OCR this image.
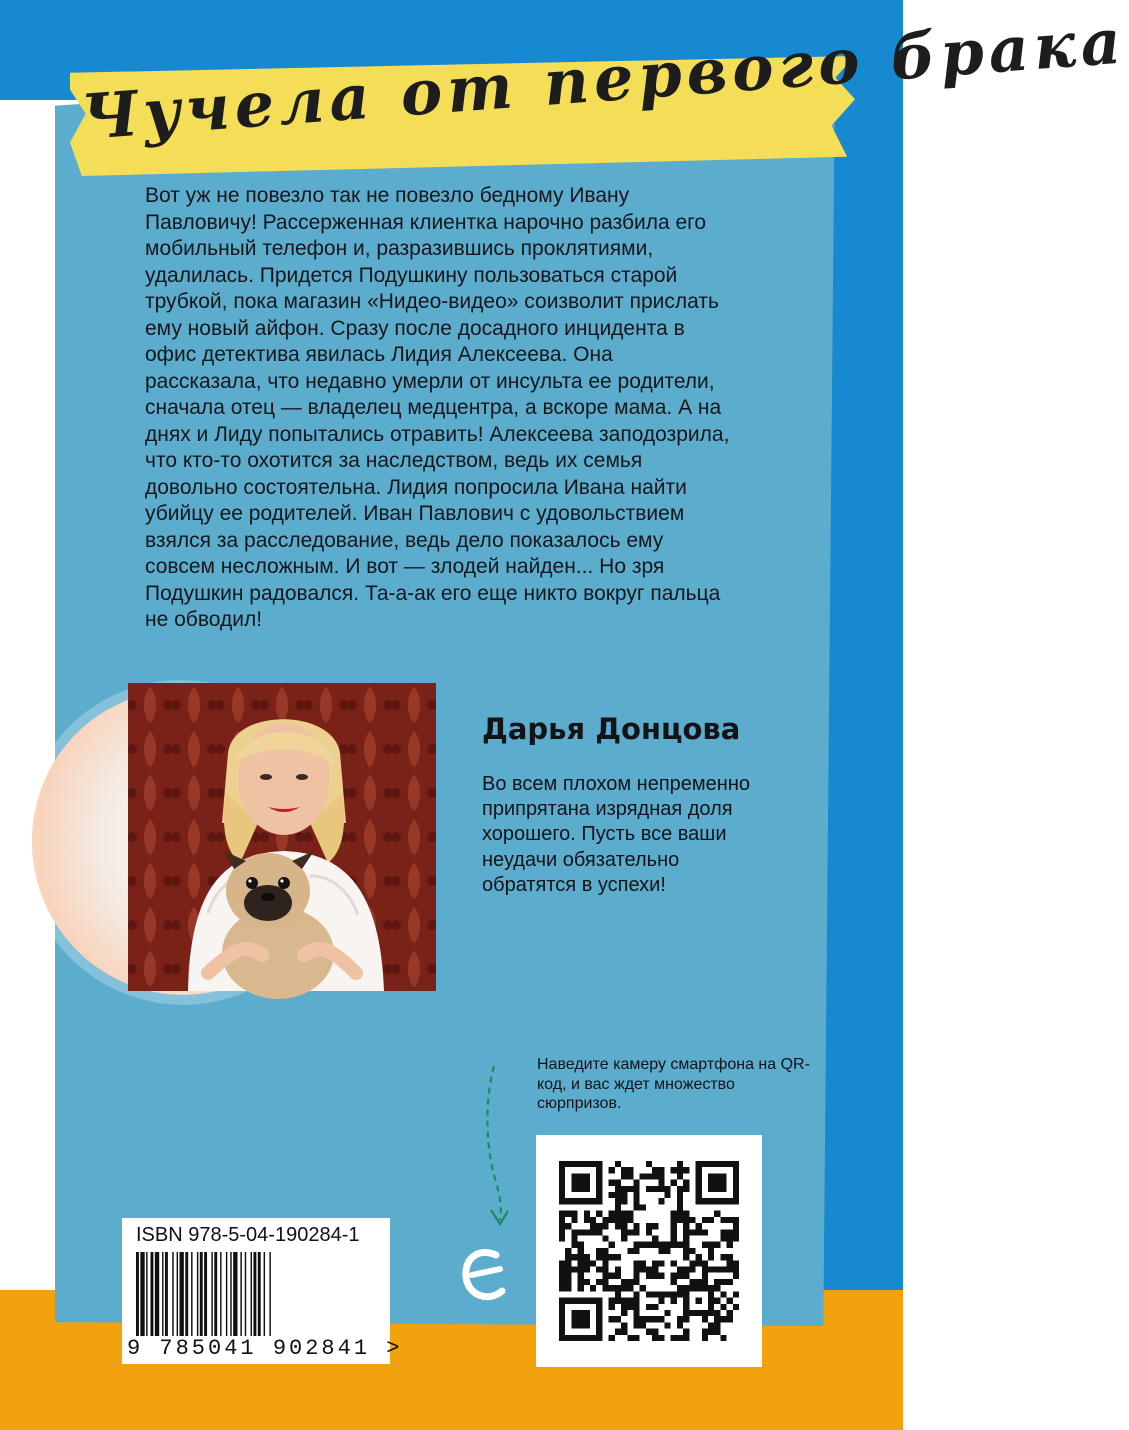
Чучела от первого брака

Вот уж не повезло так не повезло бедному Ивану Павловичу! Рассерженная клиентка нарочно разбила его мобильный телефон и, разразившись проклятиями, удалилась. Придется Подушкину пользоваться старой трубкой, пока магазин «Нидео-видео» соизволит прислать ему новый айфон. Сразу после досадного инцидента в офис детектива явилась Лидия Алексеева. Она рассказала, что недавно умерли от инсульта ее родители, сначала отец — владелец медцентра, а вскоре мама. А на днях и Лиду попытались отравить! Алексеева заподозрила, что кто-то охотится за наследством, ведь их семья довольно состоятельна. Лидия попросила Ивана найти убийцу ее родителей. Иван Павлович с удовольствием взялся за расследование, ведь дело показалось ему совсем несложным. И вот — злодей найден... Но зря Подушкин радовался. Та-а-ак его еще никто вокруг пальца не обводил!

Дарья Донцова

Во всем плохом непременно припрятана изрядная доля хорошего. Пусть все ваши неудачи обязательно обратятся в успехи!

Наведите камеру смартфона на QR-код, и вас ждет множество сюрпризов.

ISBN 978-5-04-190284-1

9 785041 902841 >
